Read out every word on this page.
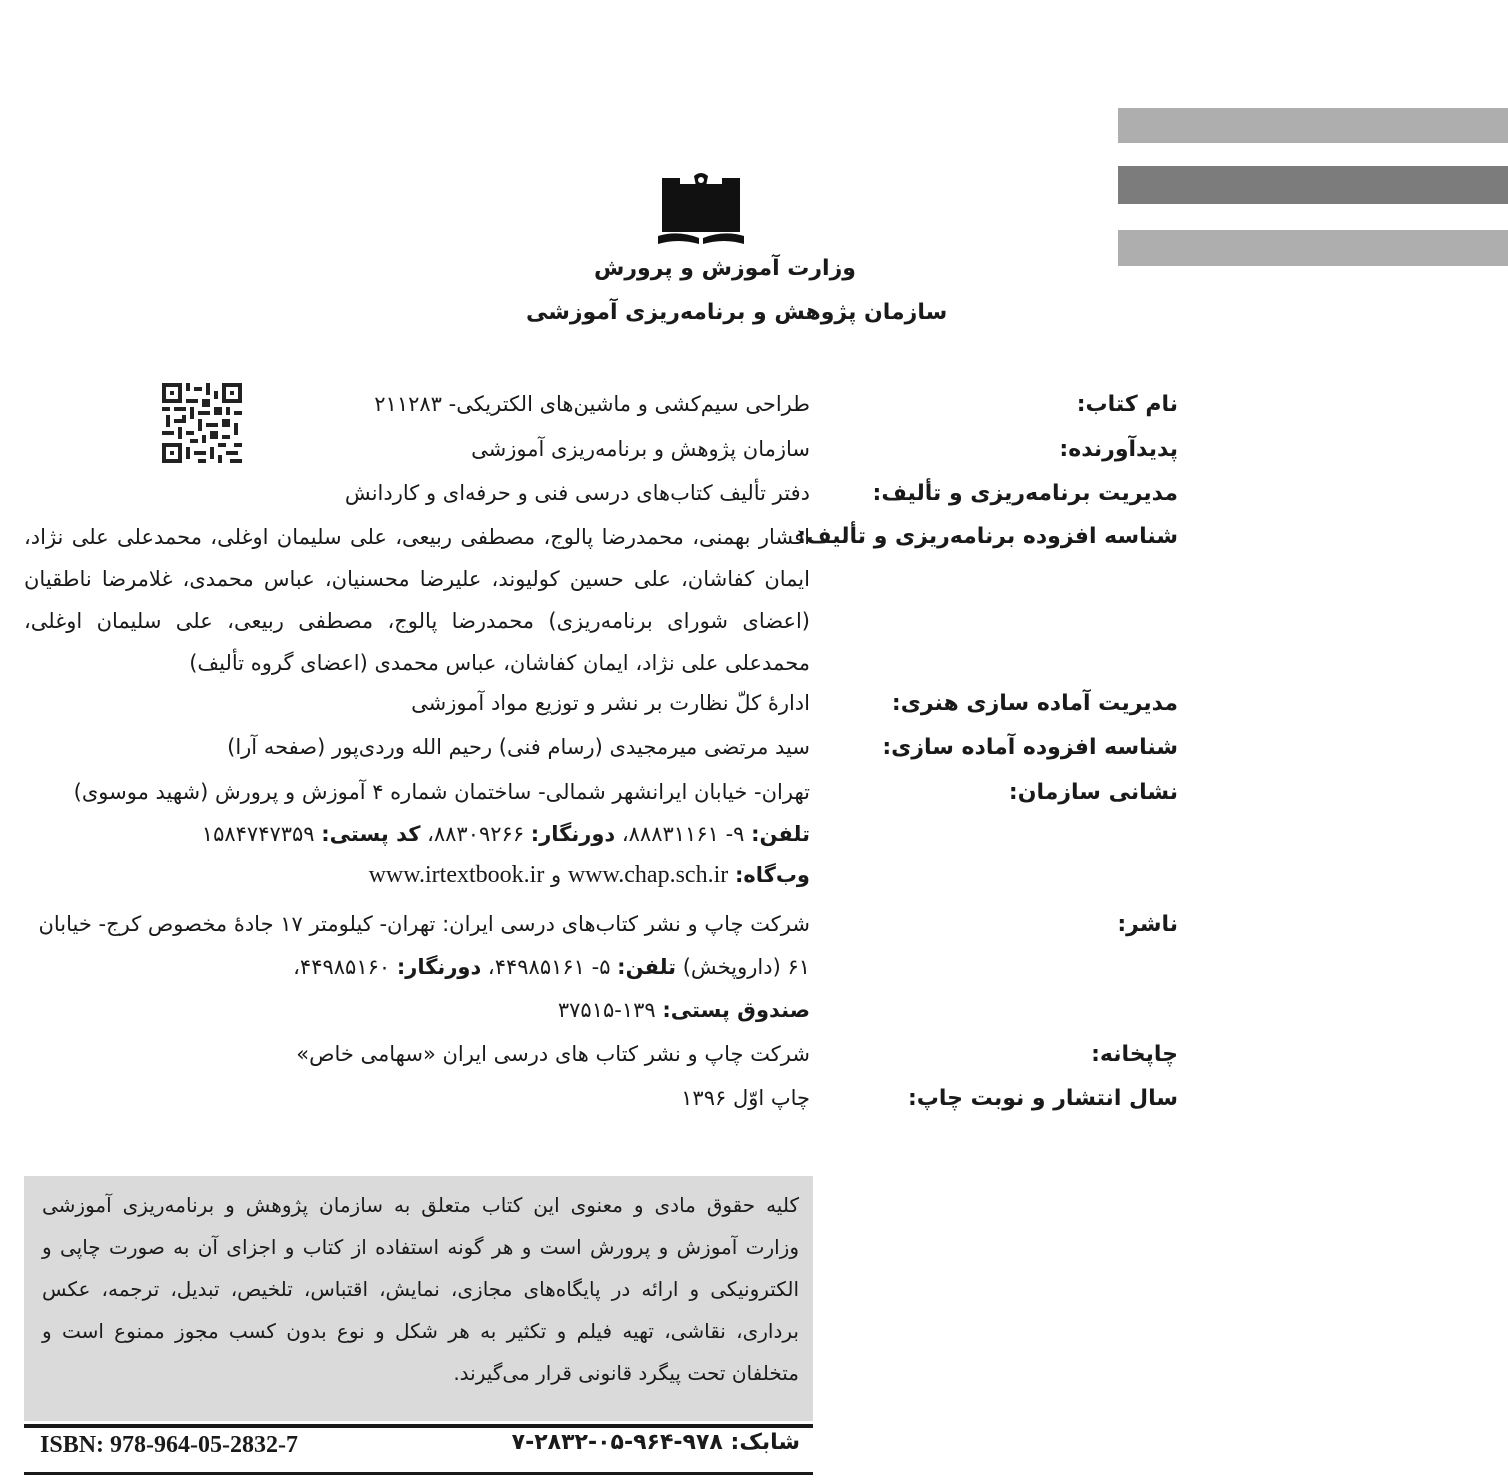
وزارت آموزش و پرورش
سازمان پژوهش و برنامه‌ریزی آموزشی
نام کتاب:
طراحی سیم‌کشی و ماشین‌های الکتریکی- ۲۱۱۲۸۳
پدیدآورنده:
سازمان پژوهش و برنامه‌ریزی آموزشی
مدیریت برنامه‌ریزی و تألیف:
دفتر تألیف کتاب‌های درسی فنی و حرفه‌ای و کاردانش
شناسه افزوده برنامه‌ریزی و تألیف:
افشار بهمنی، محمدرضا پالوج، مصطفی ربیعی، علی سلیمان اوغلی، محمدعلی علی نژاد، ایمان کفاشان، علی حسین کولیوند، علیرضا محسنیان، عباس محمدی، غلامرضا ناطقیان (اعضای شورای برنامه‌ریزی) محمدرضا پالوج، مصطفی ربیعی، علی سلیمان اوغلی، محمدعلی علی نژاد، ایمان کفاشان، عباس محمدی (اعضای گروه تألیف)
مدیریت آماده سازی هنری:
ادارهٔ کلّ نظارت بر نشر و توزیع مواد آموزشی
شناسه افزوده آماده سازی:
سید مرتضی میرمجیدی (رسام فنی) رحیم الله وردی‌پور (صفحه آرا)
نشانی سازمان:
تهران- خیابان ایرانشهر شمالی- ساختمان شماره ۴ آموزش و پرورش (شهید موسوی)
تلفن: ۹- ۸۸۸۳۱۱۶۱، دورنگار: ۸۸۳۰۹۲۶۶، کد پستی: ۱۵۸۴۷۴۷۳۵۹
وب‌گاه: www.chap.sch.ir و www.irtextbook.ir
ناشر:
شرکت چاپ و نشر کتاب‌های درسی ایران: تهران- کیلومتر ۱۷ جادهٔ مخصوص کرج- خیابان
۶۱ (داروپخش) تلفن: ۵- ۴۴۹۸۵۱۶۱، دورنگار: ۴۴۹۸۵۱۶۰،
صندوق پستی: ۱۳۹-۳۷۵۱۵
چاپخانه:
شرکت چاپ و نشر کتاب های درسی ایران «سهامی خاص»
سال انتشار و نوبت چاپ:
چاپ اوّل ۱۳۹۶
کلیه حقوق مادی و معنوی این کتاب متعلق به سازمان پژوهش و برنامه‌ریزی آموزشی وزارت آموزش و پرورش است و هر گونه استفاده از کتاب و اجزای آن به صورت چاپی و الکترونیکی و ارائه در پایگاه‌های مجازی، نمایش، اقتباس، تلخیص، تبدیل، ترجمه، عکس برداری، نقاشی، تهیه فیلم و تکثیر به هر شکل و نوع بدون کسب مجوز ممنوع است و متخلفان تحت پیگرد قانونی قرار می‌گیرند.
ISBN: 978-964-05-2832-7	شابک: ۹۷۸-۹۶۴-۰۵-۲۸۳۲-۷
